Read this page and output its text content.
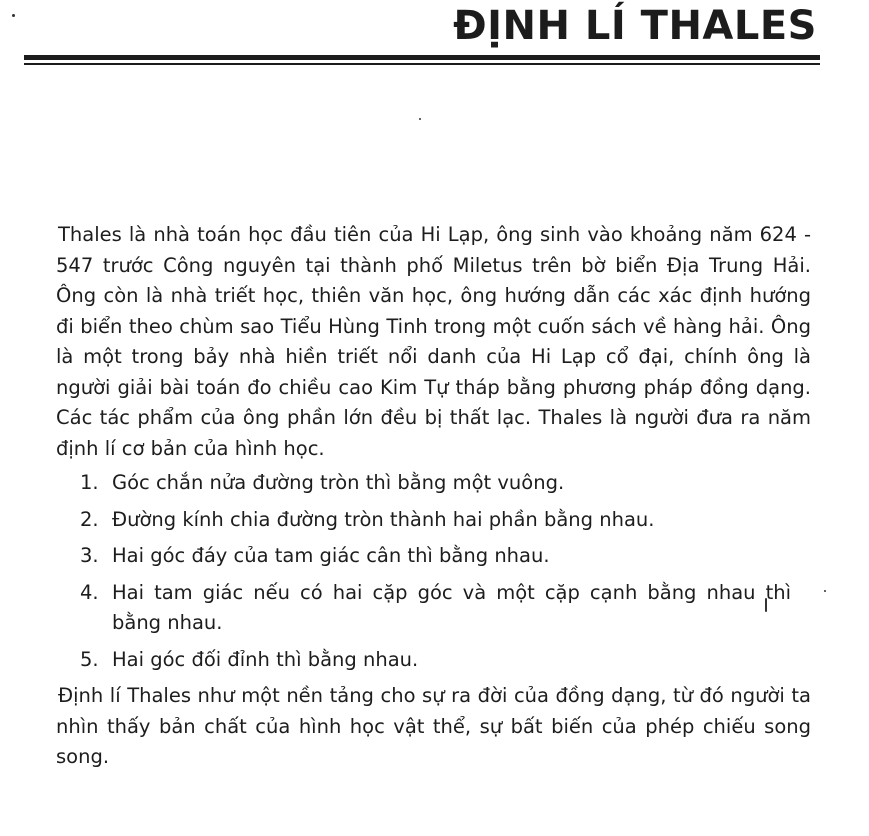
ĐỊNH LÍ THALES

Thales là nhà toán học đầu tiên của Hi Lạp, ông sinh vào khoảng năm 624 - 547 trước Công nguyên tại thành phố Miletus trên bờ biển Địa Trung Hải. Ông còn là nhà triết học, thiên văn học, ông hướng dẫn các xác định hướng đi biển theo chùm sao Tiểu Hùng Tinh trong một cuốn sách về hàng hải. Ông là một trong bảy nhà hiền triết nổi danh của Hi Lạp cổ đại, chính ông là người giải bài toán đo chiều cao Kim Tự tháp bằng phương pháp đồng dạng. Các tác phẩm của ông phần lớn đều bị thất lạc. Thales là người đưa ra năm định lí cơ bản của hình học.

1. Góc chắn nửa đường tròn thì bằng một vuông.
2. Đường kính chia đường tròn thành hai phần bằng nhau.
3. Hai góc đáy của tam giác cân thì bằng nhau.
4. Hai tam giác nếu có hai cặp góc và một cặp cạnh bằng nhau thì bằng nhau.
5. Hai góc đối đỉnh thì bằng nhau.

Định lí Thales như một nền tảng cho sự ra đời của đồng dạng, từ đó người ta nhìn thấy bản chất của hình học vật thể, sự bất biến của phép chiếu song song.
